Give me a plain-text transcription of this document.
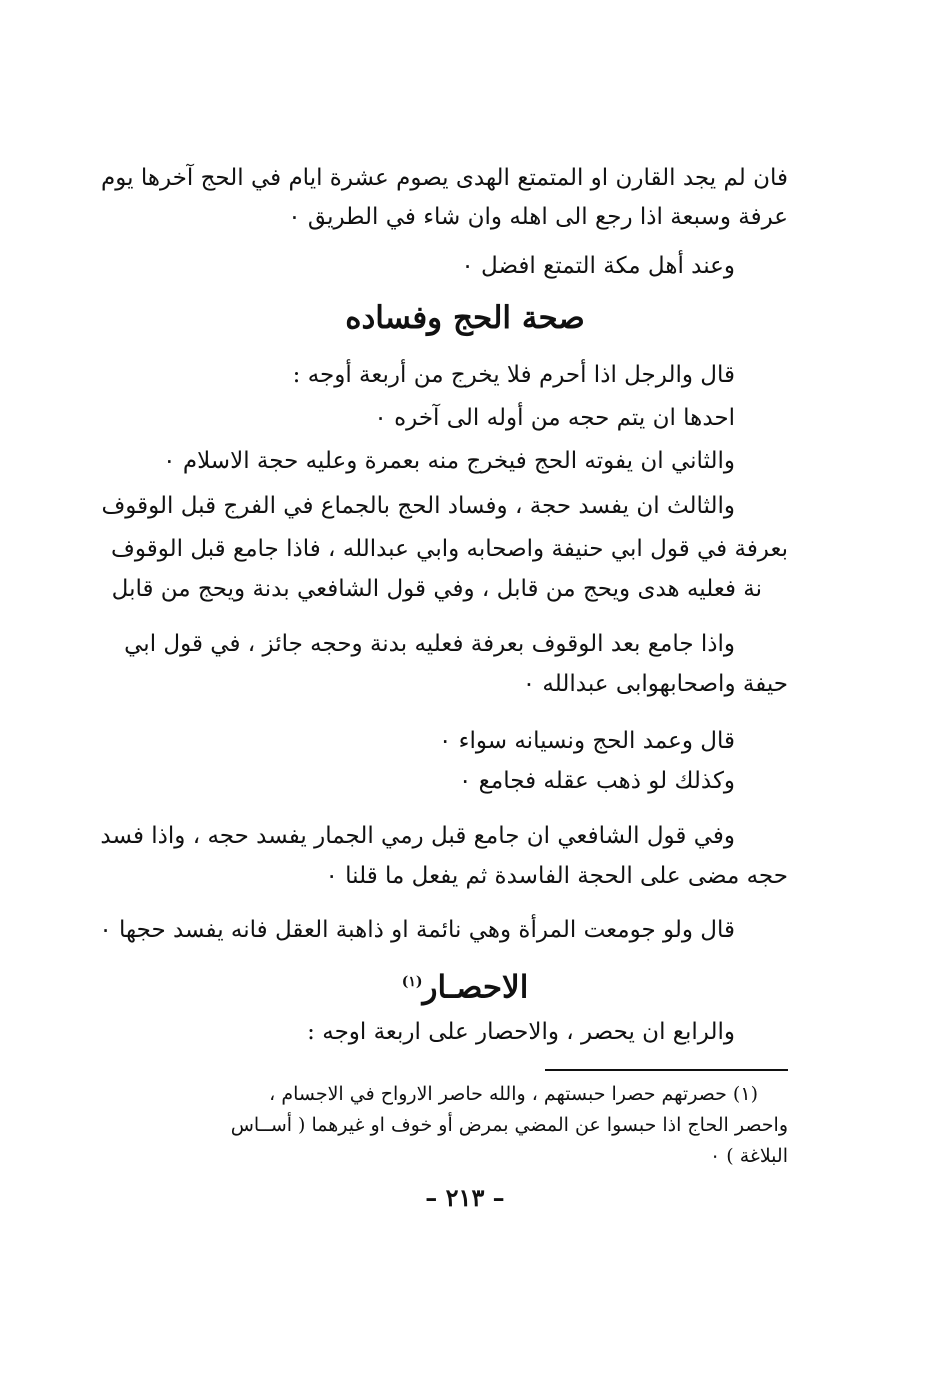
فان لم يجد القارن او المتمتع الهدى يصوم عشرة ايام في الحج آخرها يوم
عرفة وسبعة اذا رجع الى اهله وان شاء في الطريق ٠
وعند أهل مكة التمتع افضل ٠
صحة الحج وفساده
قال والرجل اذا أحرم فلا يخرج من أربعة أوجه :
احدها ان يتم حجه من أوله الى آخره ٠
والثاني ان يفوته الحج فيخرج منه بعمرة وعليه حجة الاسلام ٠
والثالث ان يفسد حجة ، وفساد الحج بالجماع في الفرج قبل الوقوف
بعرفة في قول ابي حنيفة واصحابه وابي عبدالله ، فاذا جامع قبل الوقوف
نة فعليه هدى ويحج من قابل ، وفي قول الشافعي بدنة ويحج من قابل
واذا جامع بعد الوقوف بعرفة فعليه بدنة وحجه جائز ، في قول ابي
حيفة واصحابهوابى عبدالله ٠
قال وعمد الحج ونسيانه سواء ٠
وكذلك لو ذهب عقله فجامع ٠
وفي قول الشافعي ان جامع قبل رمي الجمار يفسد حجه ، واذا فسد
حجه مضى على الحجة الفاسدة ثم يفعل ما قلنا ٠
قال ولو جومعت المرأة وهي نائمة او ذاهبة العقل فانه يفسد حجها ٠
الاحصـار$^{(١)}$
والرابع ان يحصر ، والاحصار على اربعة اوجه :
(١) حصرتهم حصرا حبستهم ، والله حاصر الارواح في الاجسام ،
واحصر الحاج اذا حبسوا عن المضي بمرض أو خوف او غيرهما ( أســاس
البلاغة ) ٠
– ٢١٣ –
